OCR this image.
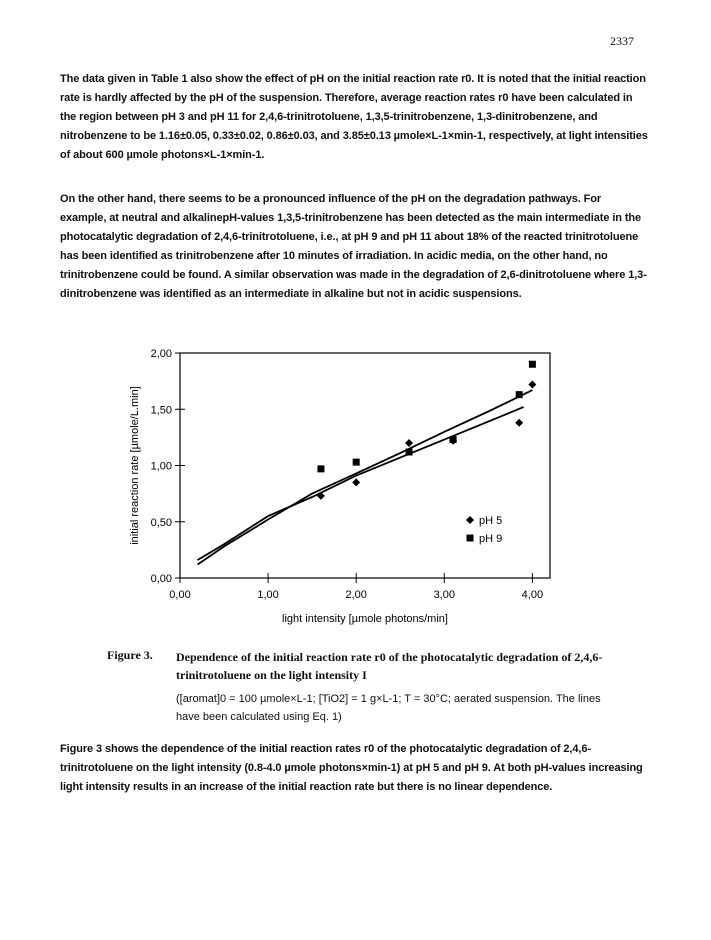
2337

The data given in Table 1 also show the effect of pH on the initial reaction rate r0. It is noted that the initial reaction rate is hardly affected by the pH of the suspension. Therefore, average reaction rates r0 have been calculated in the region between pH 3 and pH 11 for 2,4,6-trinitrotoluene, 1,3,5-trinitrobenzene, 1,3-dinitrobenzene, and nitrobenzene to be 1.16±0.05, 0.33±0.02, 0.86±0.03, and 3.85±0.13 µmole×L-1×min-1, respectively, at light intensities of about 600 µmole photons×L-1×min-1.

On the other hand, there seems to be a pronounced influence of the pH on the degradation pathways. For example, at neutral and alkalinepH-values 1,3,5-trinitrobenzene has been detected as the main intermediate in the photocatalytic degradation of 2,4,6-trinitrotoluene, i.e., at pH 9 and pH 11 about 18% of the reacted trinitrotoluene has been identified as trinitrobenzene after 10 minutes of irradiation. In acidic media, on the other hand, no trinitrobenzene could be found. A similar observation was made in the degradation of 2,6-dinitrotoluene where 1,3-dinitrobenzene was identified as an intermediate in alkaline but not in acidic suspensions.

0,00
0,50
1,00
1,50
2,00
0,00	1,00	2,00	3,00	4,00
light intensity [µmole photons/min]
initial reaction rate [µmole/L.min]	pH 5
pH 9
Figure 3. Dependence of the initial reaction rate r0 of the photocatalytic degradation of 2,4,6-trinitrotoluene on the light intensity I
([aromat]0 = 100 µmole×L-1; [TiO2] = 1 g×L-1; T = 30°C; aerated suspension. The lines have been calculated using Eq. 1)

Figure 3 shows the dependence of the initial reaction rates r0 of the photocatalytic degradation of 2,4,6-trinitrotoluene on the light intensity (0.8-4.0 µmole photons×min-1) at pH 5 and pH 9. At both pH-values increasing light intensity results in an increase of the initial reaction rate but there is no linear dependence.
